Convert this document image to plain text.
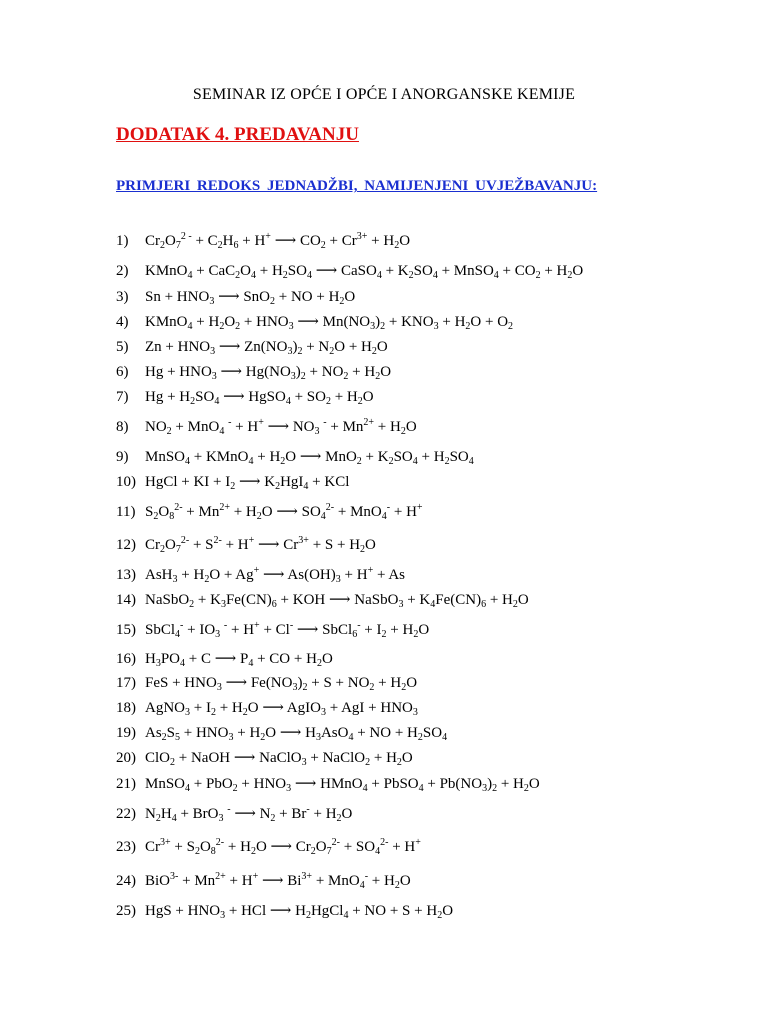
SEMINAR IZ OPĆE I OPĆE I ANORGANSKE KEMIJE
DODATAK 4. PREDAVANJU
PRIMJERI REDOKS JEDNADŽBI, NAMIJENJENI UVJEŽBAVANJU:
1) $Cr_2O_7^{2 -} + C_2H_6 + H^+$ ⟶ $CO_2 + Cr^{3+} + H_2O$
2) KMnO$_4$ + $CaC_2O_4 + H_2SO_4$ ⟶ CaSO$_4$ + $K_2SO_4$ + MnSO$_4$ + $CO_2 + H_2O$
3) $Sn + HNO_3$ ⟶ SnO$_2$ + NO + $H_2O$
4) KMnO$_4$ + $H_2O_2 + HNO_3$ ⟶ $Mn(NO_3)_2 + KNO_3 + H_2O + O_2$
5) $Zn + HNO_3$ ⟶ $Zn(NO_3)_2 + N_2O + H_2O$
6) $Hg + HNO_3$ ⟶ $Hg(NO_3)_2 + NO_2 + H_2O$
7) $Hg + H_2SO_4$ ⟶ HgSO$_4$ + $SO_2 + H_2O$
8) $NO_2 + MnO_4$ - + H+ ⟶ $NO_3$ $^- + Mn^{2+} + H_2O$
9) MnSO$_4$ + KMnO$_4$ + $H_2O$ ⟶ $MnO_2 + K_2SO_4 + H_2SO_4$
10) HgCl + KI + $I_2$ ⟶ $K_2HgI_4$ + KCl
11) $S_2O_8^{2-} + Mn^{2+} + H_2O$ ⟶ $SO_4^{2-} + MnO_4^- + H^+$
12) $Cr_2O_7^{2-} + S^{2-} + H^+$ ⟶ $Cr^{3+} + S + H_2O$
13) $AsH_3 + H_2O + Ag^+$ ⟶ $As(OH)_3 + H^+ + As$
14) NaSbO$_2$ + $K_3Fe(CN)_6$ + KOH ⟶ NaSbO$_3$ + $K_4Fe(CN)_6 + H_2O$
15) SbCl$_4$- + $IO_3$ - + H+ + Cl- ⟶ SbCl$_6$- + $I_2 + H_2O$
16) $H_3PO_4 + C$ ⟶ $P_4$ + CO + $H_2O$
17) FeS + $HNO_3$ ⟶ $Fe(NO_3)_2 + S + NO_2 + H_2O$
18) AgNO$_3$ + $I_2 + H_2O$ ⟶ AgIO$_3$ + AgI + $HNO_3$
19) $As_2S_5 + HNO_3 + H_2O$ ⟶ $H_3AsO_4$ + NO + $H_2SO_4$
20) ClO$_2$ + NaOH ⟶ NaClO$_3$ + NaClO$_2$ + $H_2O$
21) MnSO$_4$ + $PbO_2 + HNO_3$ ⟶ HMnO$_4$ + PbSO$_4$ + $Pb(NO_3)_2 + H_2O$
22) $N_2H_4 + BrO_3$ - ⟶ $N_2 + Br^- + H_2O$
23) $Cr^{3+} + S_2O_8^{2-} + H_2O$ ⟶ $Cr_2O_7^{2-} + SO_4^{2-} + H^+$
24) $BiO^{3-} + Mn^{2+} + H^+$ ⟶ $Bi^{3+} + MnO_4^- + H_2O$
25) HgS + $HNO_3$ + HCl ⟶ $H_2HgCl_4$ + NO + $S + H_2O$
